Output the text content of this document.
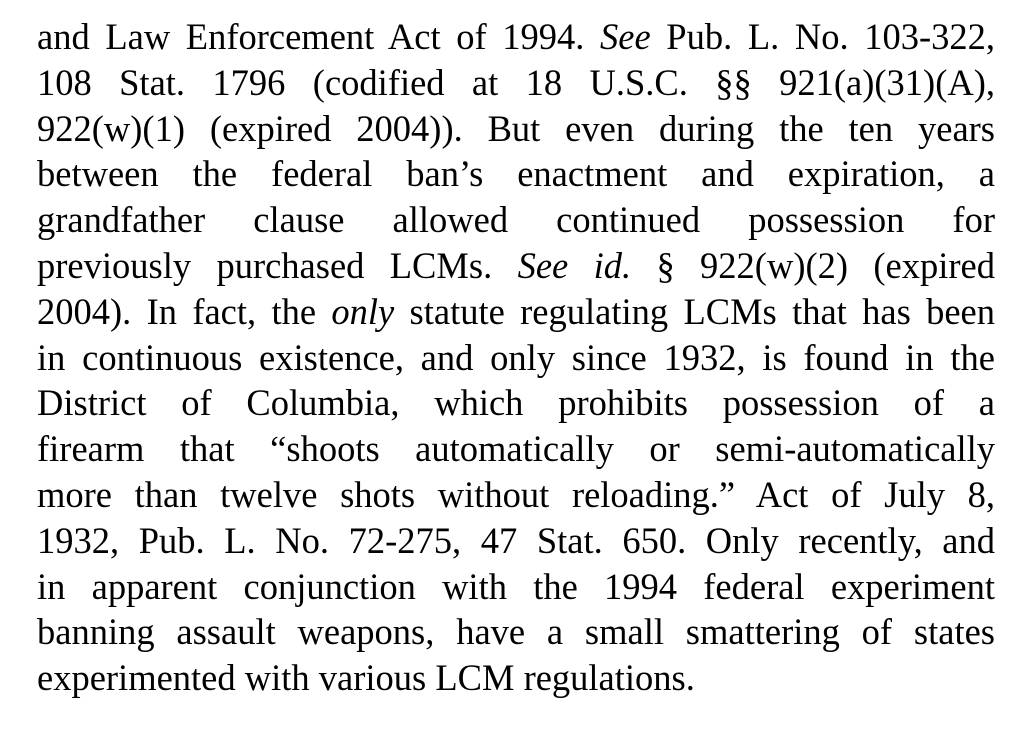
and Law Enforcement Act of 1994. See Pub. L. No. 103-322,
108 Stat. 1796 (codified at 18 U.S.C. §§ 921(a)(31)(A),
922(w)(1) (expired 2004)). But even during the ten years
between the federal ban’s enactment and expiration, a
grandfather clause allowed continued possession for
previously purchased LCMs. See id. § 922(w)(2) (expired
2004). In fact, the only statute regulating LCMs that has been
in continuous existence, and only since 1932, is found in the
District of Columbia, which prohibits possession of a
firearm that “shoots automatically or semi-automatically
more than twelve shots without reloading.” Act of July 8,
1932, Pub. L. No. 72-275, 47 Stat. 650. Only recently, and
in apparent conjunction with the 1994 federal experiment
banning assault weapons, have a small smattering of states
experimented with various LCM regulations.
